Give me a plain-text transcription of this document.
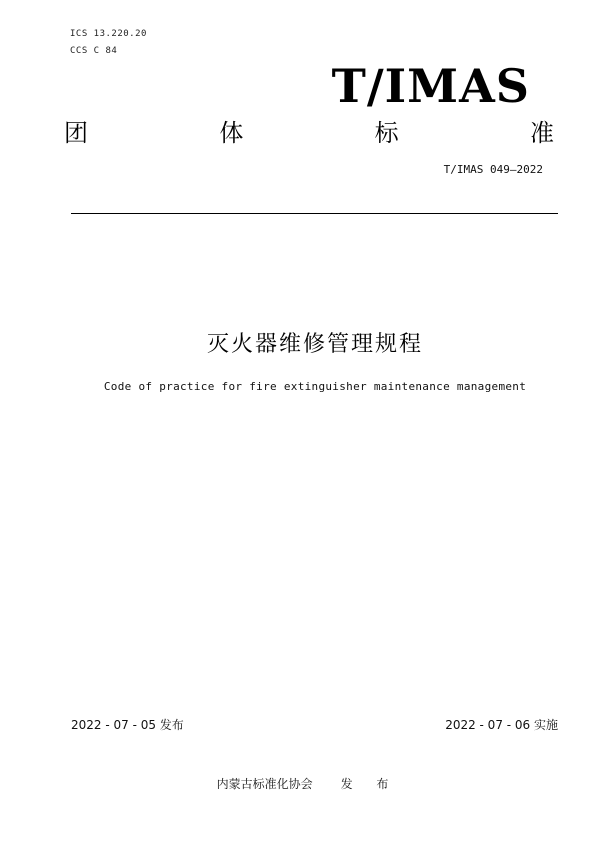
ICS 13.220.20
CCS C 84
T/IMAS
团	体	标	准
T/IMAS 049—2022
灭火器维修管理规程
Code of practice for fire extinguisher maintenance management
2022 - 07 - 05 发布	2022 - 07 - 06 实施
内蒙古标准化协会 发 布
